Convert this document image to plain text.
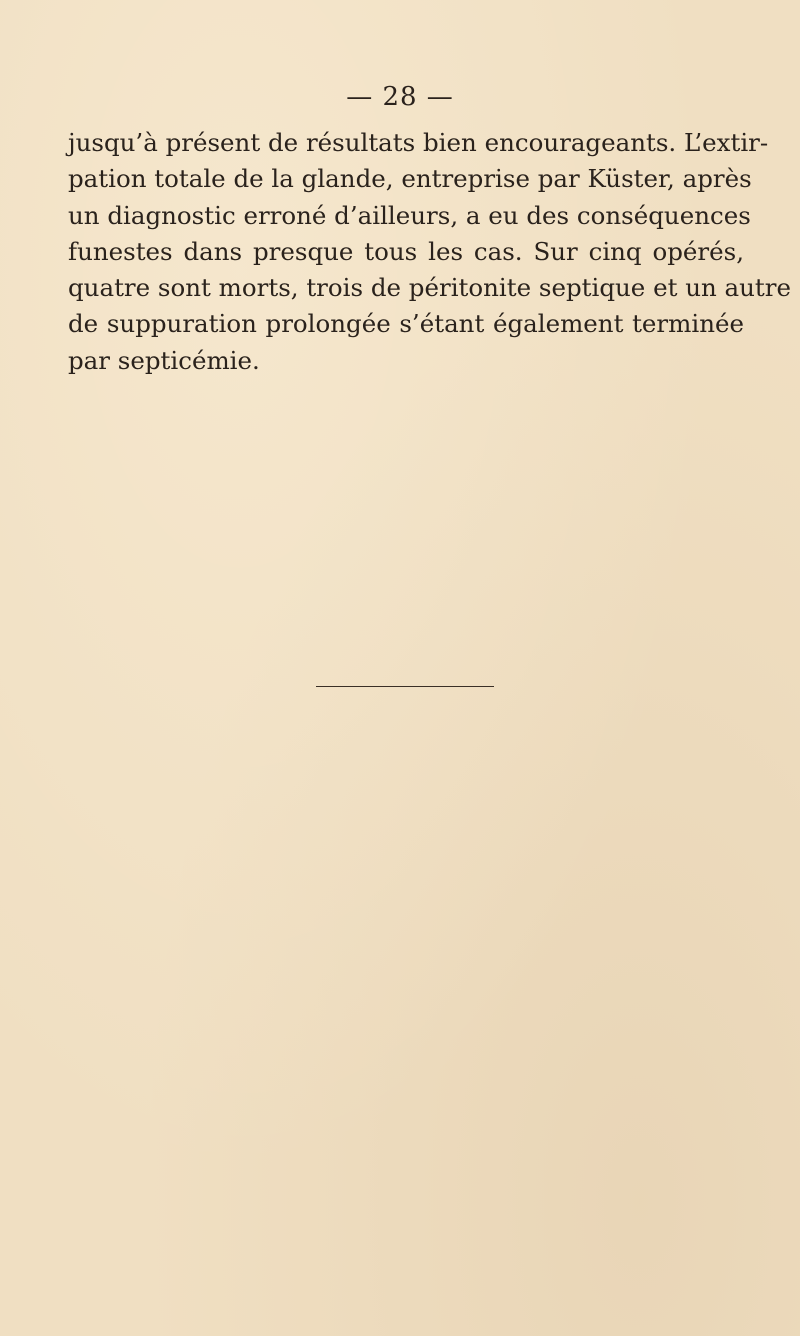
— 28 —
jusqu’à présent de résultats bien encourageants. L’extir-
pation totale de la glande, entreprise par Küster, après
un diagnostic erroné d’ailleurs, a eu des conséquences
funestes dans presque tous les cas. Sur cinq opérés,
quatre sont morts, trois de péritonite septique et un autre
de suppuration prolongée s’étant également terminée
par septicémie.
